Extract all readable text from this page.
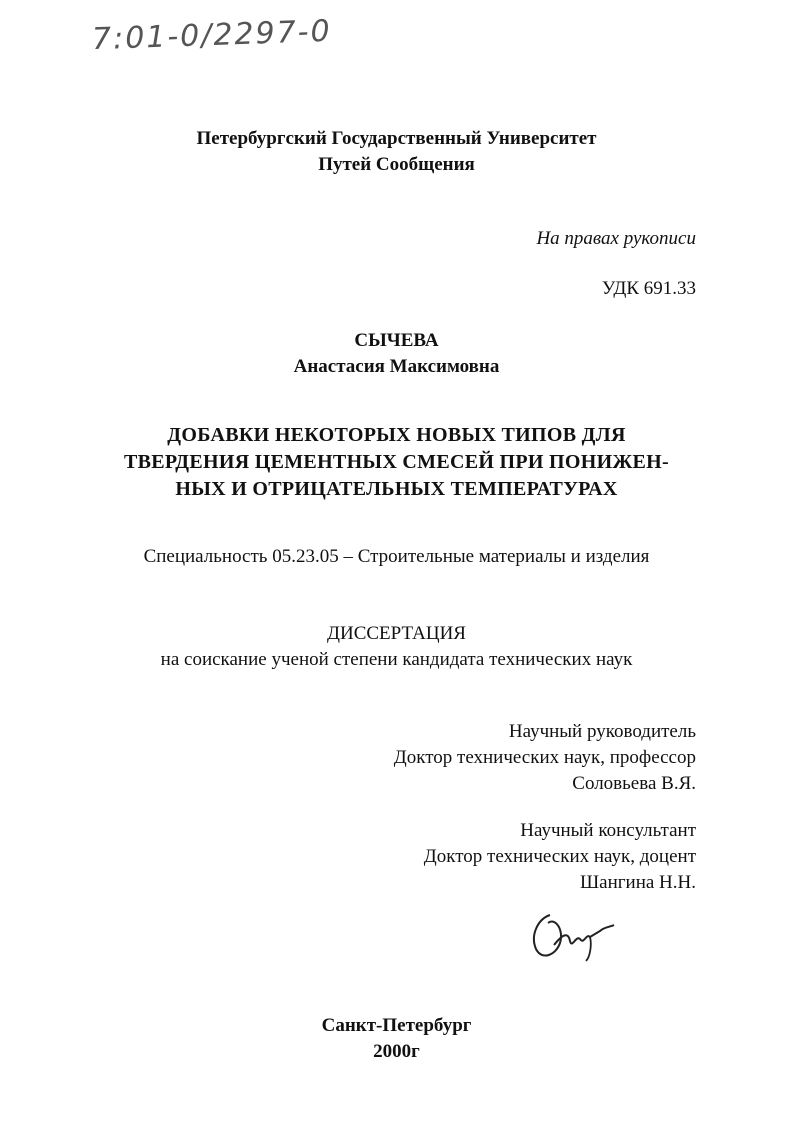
7:01-0/2297-0
Петербургский Государственный Университет
Путей Сообщения
На правах рукописи
УДК 691.33
СЫЧЕВА
Анастасия Максимовна
ДОБАВКИ НЕКОТОРЫХ НОВЫХ ТИПОВ ДЛЯ
ТВЕРДЕНИЯ ЦЕМЕНТНЫХ СМЕСЕЙ ПРИ ПОНИЖЕН-
НЫХ И ОТРИЦАТЕЛЬНЫХ ТЕМПЕРАТУРАХ
Специальность 05.23.05 – Строительные материалы и изделия
ДИССЕРТАЦИЯ
на соискание ученой степени кандидата технических наук
Научный руководитель
Доктор технических наук, профессор
Соловьева В.Я.
Научный консультант
Доктор технических наук, доцент
Шангина Н.Н.
Санкт-Петербург
2000г
